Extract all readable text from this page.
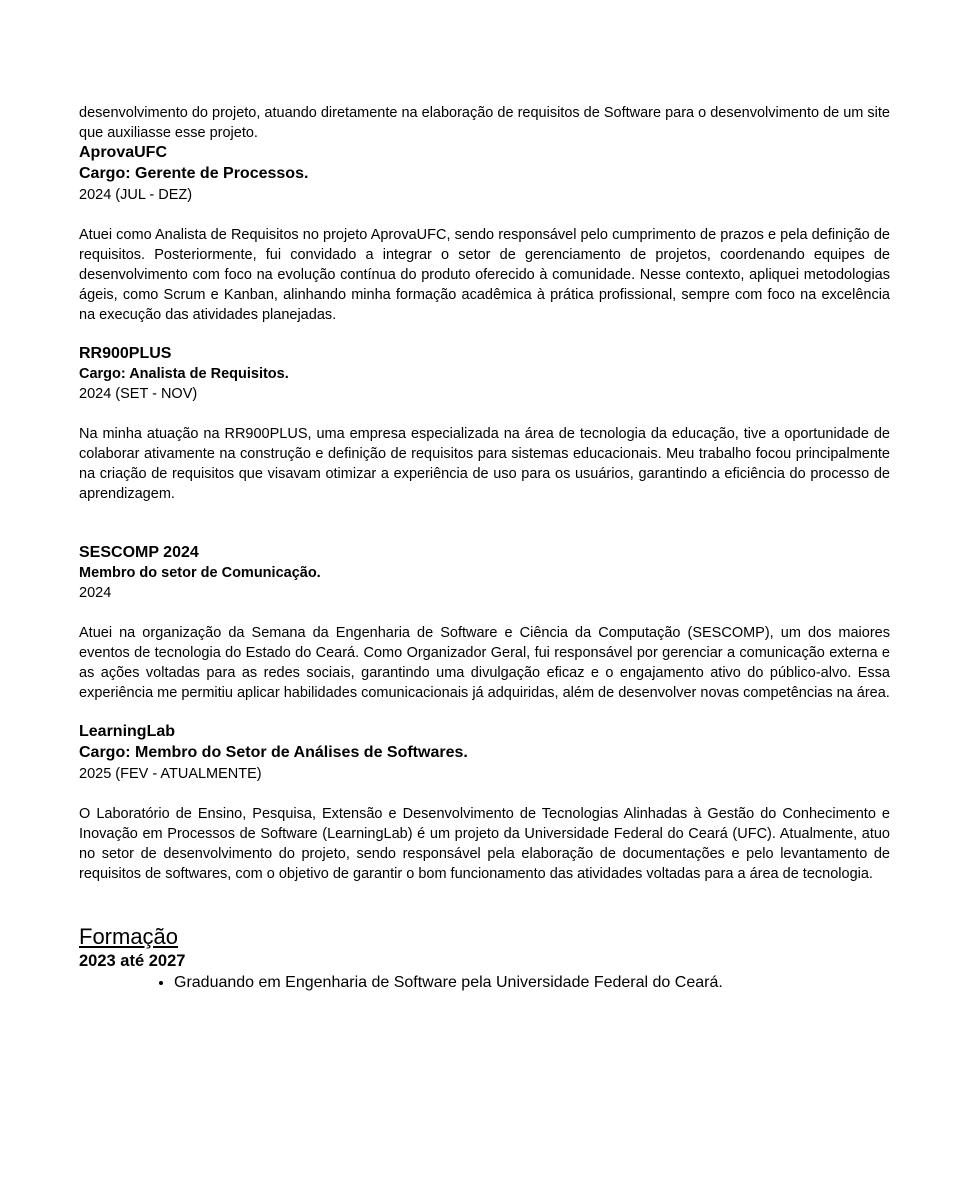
desenvolvimento do projeto, atuando diretamente na elaboração de requisitos de Software para o desenvolvimento de um site que auxiliasse esse projeto.

AprovaUFC

Cargo: Gerente de Processos.

2024 (JUL - DEZ)

Atuei como Analista de Requisitos no projeto AprovaUFC, sendo responsável pelo cumprimento de prazos e pela definição de requisitos. Posteriormente, fui convidado a integrar o setor de gerenciamento de projetos, coordenando equipes de desenvolvimento com foco na evolução contínua do produto oferecido à comunidade. Nesse contexto, apliquei metodologias ágeis, como Scrum e Kanban, alinhando minha formação acadêmica à prática profissional, sempre com foco na excelência na execução das atividades planejadas.

RR900PLUS

Cargo: Analista de Requisitos.

2024 (SET - NOV)

Na minha atuação na RR900PLUS, uma empresa especializada na área de tecnologia da educação, tive a oportunidade de colaborar ativamente na construção e definição de requisitos para sistemas educacionais. Meu trabalho focou principalmente na criação de requisitos que visavam otimizar a experiência de uso para os usuários, garantindo a eficiência do processo de aprendizagem.

SESCOMP 2024

Membro do setor de Comunicação.

2024

Atuei na organização da Semana da Engenharia de Software e Ciência da Computação (SESCOMP), um dos maiores eventos de tecnologia do Estado do Ceará. Como Organizador Geral, fui responsável por gerenciar a comunicação externa e as ações voltadas para as redes sociais, garantindo uma divulgação eficaz e o engajamento ativo do público-alvo. Essa experiência me permitiu aplicar habilidades comunicacionais já adquiridas, além de desenvolver novas competências na área.

LearningLab

Cargo: Membro do Setor de Análises de Softwares.

2025 (FEV - ATUALMENTE)

O Laboratório de Ensino, Pesquisa, Extensão e Desenvolvimento de Tecnologias Alinhadas à Gestão do Conhecimento e Inovação em Processos de Software (LearningLab) é um projeto da Universidade Federal do Ceará (UFC). Atualmente, atuo no setor de desenvolvimento do projeto, sendo responsável pela elaboração de documentações e pelo levantamento de requisitos de softwares, com o objetivo de garantir o bom funcionamento das atividades voltadas para a área de tecnologia.

Formação

2023 até 2027

• Graduando em Engenharia de Software pela Universidade Federal do Ceará.
